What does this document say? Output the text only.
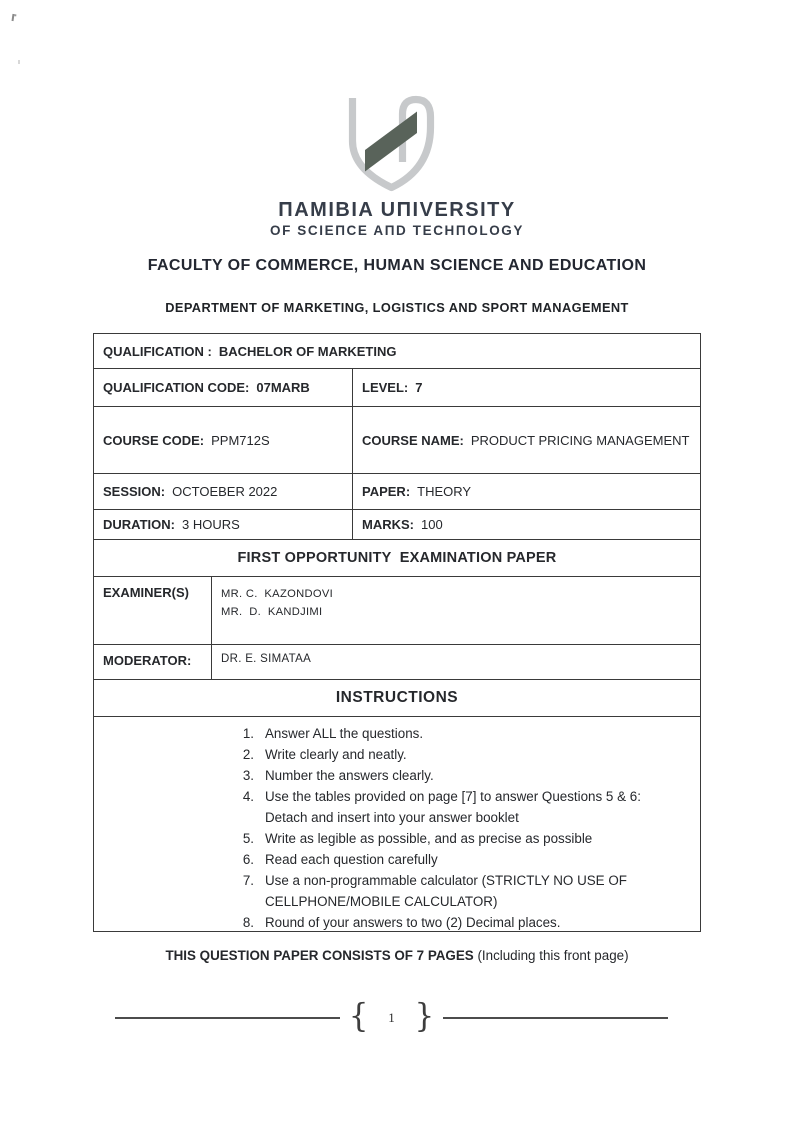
ΠAMIBIA UΠIVERSITY
OF SCIEΠCE AΠD TECHΠOLOGY
FACULTY OF COMMERCE, HUMAN SCIENCE AND EDUCATION
DEPARTMENT OF MARKETING, LOGISTICS AND SPORT MANAGEMENT
QUALIFICATION : BACHELOR OF MARKETING
QUALIFICATION CODE: 07MARB	LEVEL: 7
COURSE CODE: PPM712S	COURSE NAME: PRODUCT PRICING MANAGEMENT
SESSION: OCTOEBER 2022	PAPER: THEORY
DURATION: 3 HOURS	MARKS: 100
FIRST OPPORTUNITY  EXAMINATION PAPER
EXAMINER(S)	MR. C.  KAZONDOVI
MR.  D.  KANDJIMI
MODERATOR:	DR. E. SIMATAA
INSTRUCTIONS
1. Answer ALL the questions.
2. Write clearly and neatly.
3. Number the answers clearly.
4. Use the tables provided on page [7] to answer Questions 5 & 6: Detach and insert into your answer booklet
5. Write as legible as possible, and as precise as possible
6. Read each question carefully
7. Use a non-programmable calculator (STRICTLY NO USE OF CELLPHONE/MOBILE CALCULATOR)
8. Round of your answers to two (2) Decimal places.
THIS QUESTION PAPER CONSISTS OF 7 PAGES (Including this front page)
{	1 }
